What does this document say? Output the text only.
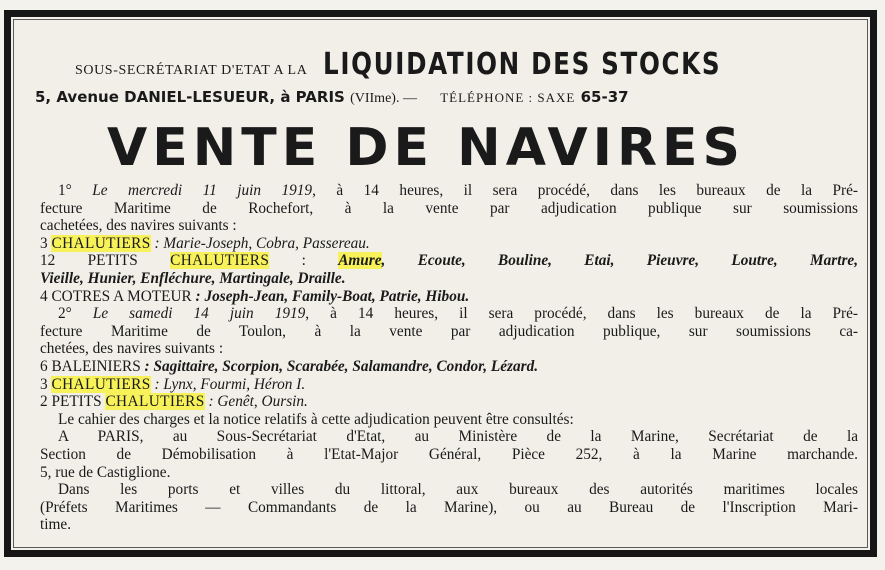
SOUS-SECRÉTARIAT D'ETAT A LA LIQUIDATION DES STOCKS
5, Avenue DANIEL-LESUEUR, à PARIS (VIIme). — TÉLÉPHONE : SAXE 65-37
VENTE DE NAVIRES

1° Le mercredi 11 juin 1919, à 14 heures, il sera procédé, dans les bureaux de la Pré-

fecture Maritime de Rochefort, à la vente par adjudication publique sur soumissions

cachetées, des navires suivants :

3 CHALUTIERS : Marie-Joseph, Cobra, Passereau.

12 PETITS CHALUTIERS : Amure, Ecoute, Bouline, Etai, Pieuvre, Loutre, Martre,

Vieille, Hunier, Enfléchure, Martingale, Draille.

4 COTRES A MOTEUR : Joseph-Jean, Family-Boat, Patrie, Hibou.

2° Le samedi 14 juin 1919, à 14 heures, il sera procédé, dans les bureaux de la Pré-

fecture Maritime de Toulon, à la vente par adjudication publique, sur soumissions ca-

chetées, des navires suivants :

6 BALEINIERS : Sagittaire, Scorpion, Scarabée, Salamandre, Condor, Lézard.

3 CHALUTIERS : Lynx, Fourmi, Héron I.

2 PETITS CHALUTIERS : Genêt, Oursin.

Le cahier des charges et la notice relatifs à cette adjudication peuvent être consultés:

A PARIS, au Sous-Secrétariat d'Etat, au Ministère de la Marine, Secrétariat de la

Section de Démobilisation à l'Etat-Major Général, Pièce 252, à la Marine marchande.

5, rue de Castiglione.

Dans les ports et villes du littoral, aux bureaux des autorités maritimes locales

(Préfets Maritimes — Commandants de la Marine), ou au Bureau de l'Inscription Mari-

time.
